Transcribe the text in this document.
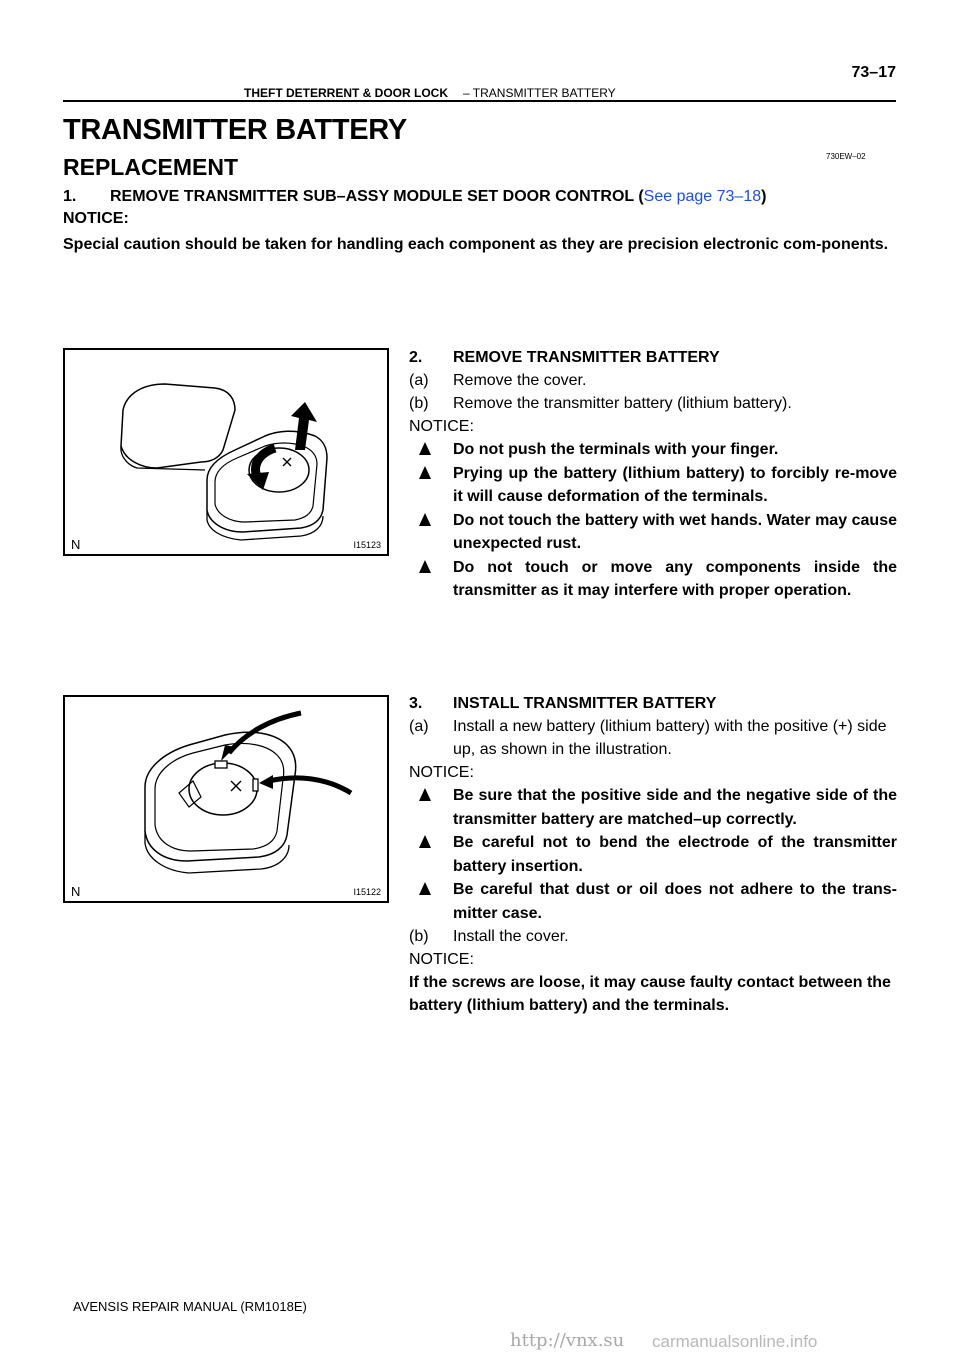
73–17
THEFT DETERRENT & DOOR LOCK – TRANSMITTER BATTERY
TRANSMITTER BATTERY
730EW–02
REPLACEMENT
1. REMOVE TRANSMITTER SUB–ASSY MODULE SET DOOR CONTROL (See page 73–18)
NOTICE:
Special caution should be taken for handling each component as they are precision electronic com-ponents.
N	I15123
N	I15122
2. REMOVE TRANSMITTER BATTERY
(a) Remove the cover.
(b) Remove the transmitter battery (lithium battery).
NOTICE:
Do not push the terminals with your finger.
Prying up the battery (lithium battery) to forcibly re-move it will cause deformation of the terminals.
Do not touch the battery with wet hands. Water may cause unexpected rust.
Do not touch or move any components inside the transmitter as it may interfere with proper operation.
3. INSTALL TRANSMITTER BATTERY
(a) Install a new battery (lithium battery) with the positive (+) side up, as shown in the illustration.
NOTICE:
Be sure that the positive side and the negative side of the transmitter battery are matched–up correctly.
Be careful not to bend the electrode of the transmitter battery insertion.
Be careful that dust or oil does not adhere to the trans-mitter case.
(b) Install the cover.
NOTICE:
If the screws are loose, it may cause faulty contact between the battery (lithium battery) and the terminals.
AVENSIS REPAIR MANUAL (RM1018E)
http://vnx.su carmanualsonline.info
